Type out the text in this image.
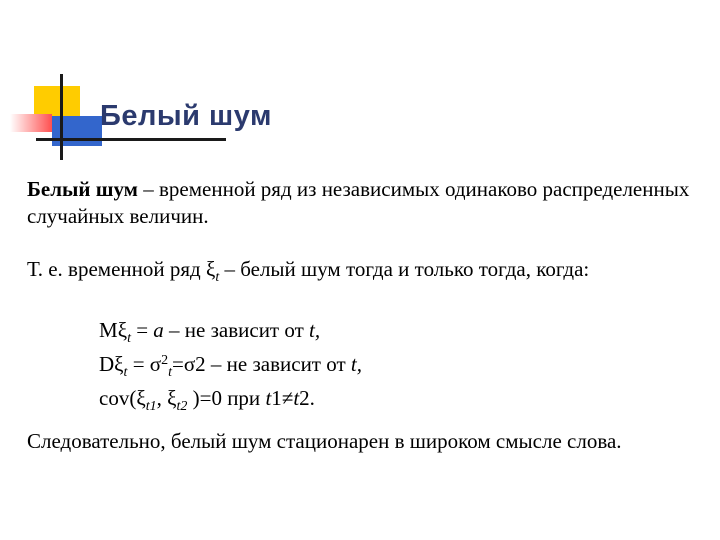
Белый шум
Белый шум – временной ряд из независимых одинаково распределенных случайных величин.
Т. е. временной ряд $\xi_t$ – белый шум тогда и только тогда, когда:
$M\xi_t = a$ – не зависит от t,
$D\xi_t = \sigma^2_t=\sigma 2$ – не зависит от t,
$cov(\xi_{t1}$, $\xi_{t2}$ )=0 при t1≠t2.
Следовательно, белый шум стационарен в широком смысле слова.
